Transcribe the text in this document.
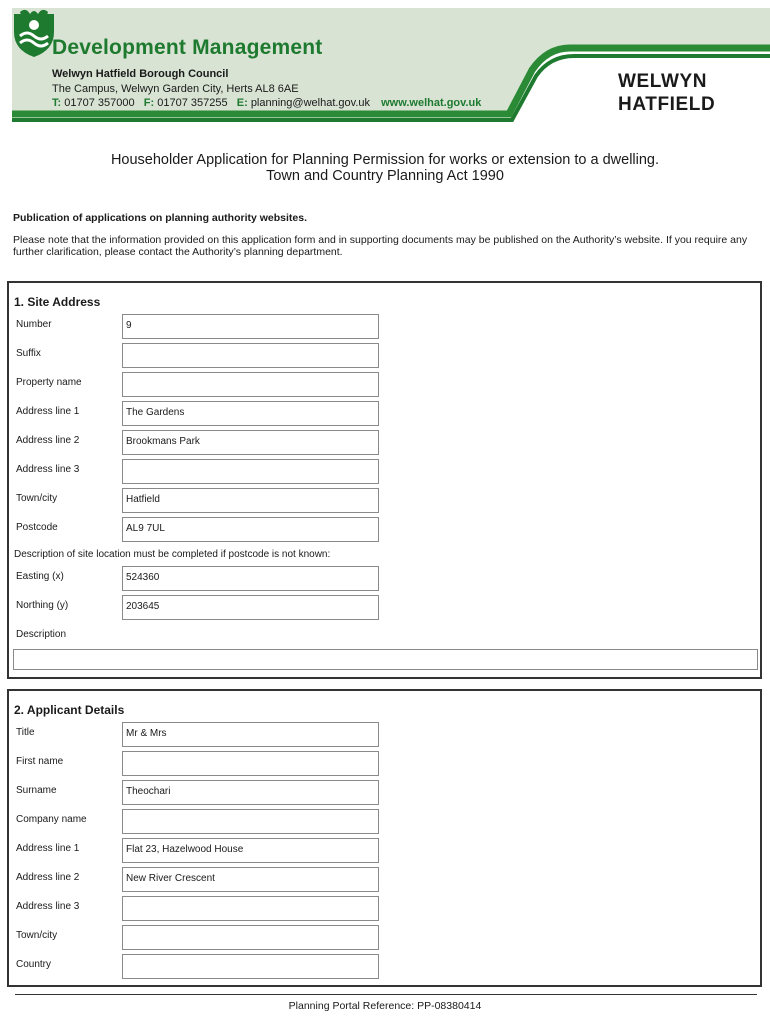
Development Management
Welwyn Hatfield Borough Council
The Campus, Welwyn Garden City, Herts AL8 6AE
T: 01707 357000 F: 01707 357255 E: planning@welhat.gov.uk www.welhat.gov.uk
WELWYN
HATFIELD
Householder Application for Planning Permission for works or extension to a dwelling.
Town and Country Planning Act 1990
Publication of applications on planning authority websites.
Please note that the information provided on this application form and in supporting documents may be published on the Authority’s website. If you require any further clarification, please contact the Authority’s planning department.
1. Site Address
Number	9
Suffix
Property name
Address line 1	The Gardens
Address line 2	Brookmans Park
Address line 3
Town/city	Hatfield
Postcode	AL9 7UL
Description of site location must be completed if postcode is not known:
Easting (x)	524360
Northing (y)	203645
Description
2. Applicant Details
Title	Mr & Mrs
First name
Surname	Theochari
Company name
Address line 1	Flat 23, Hazelwood House
Address line 2	New River Crescent
Address line 3
Town/city
Country
Planning Portal Reference: PP-08380414
